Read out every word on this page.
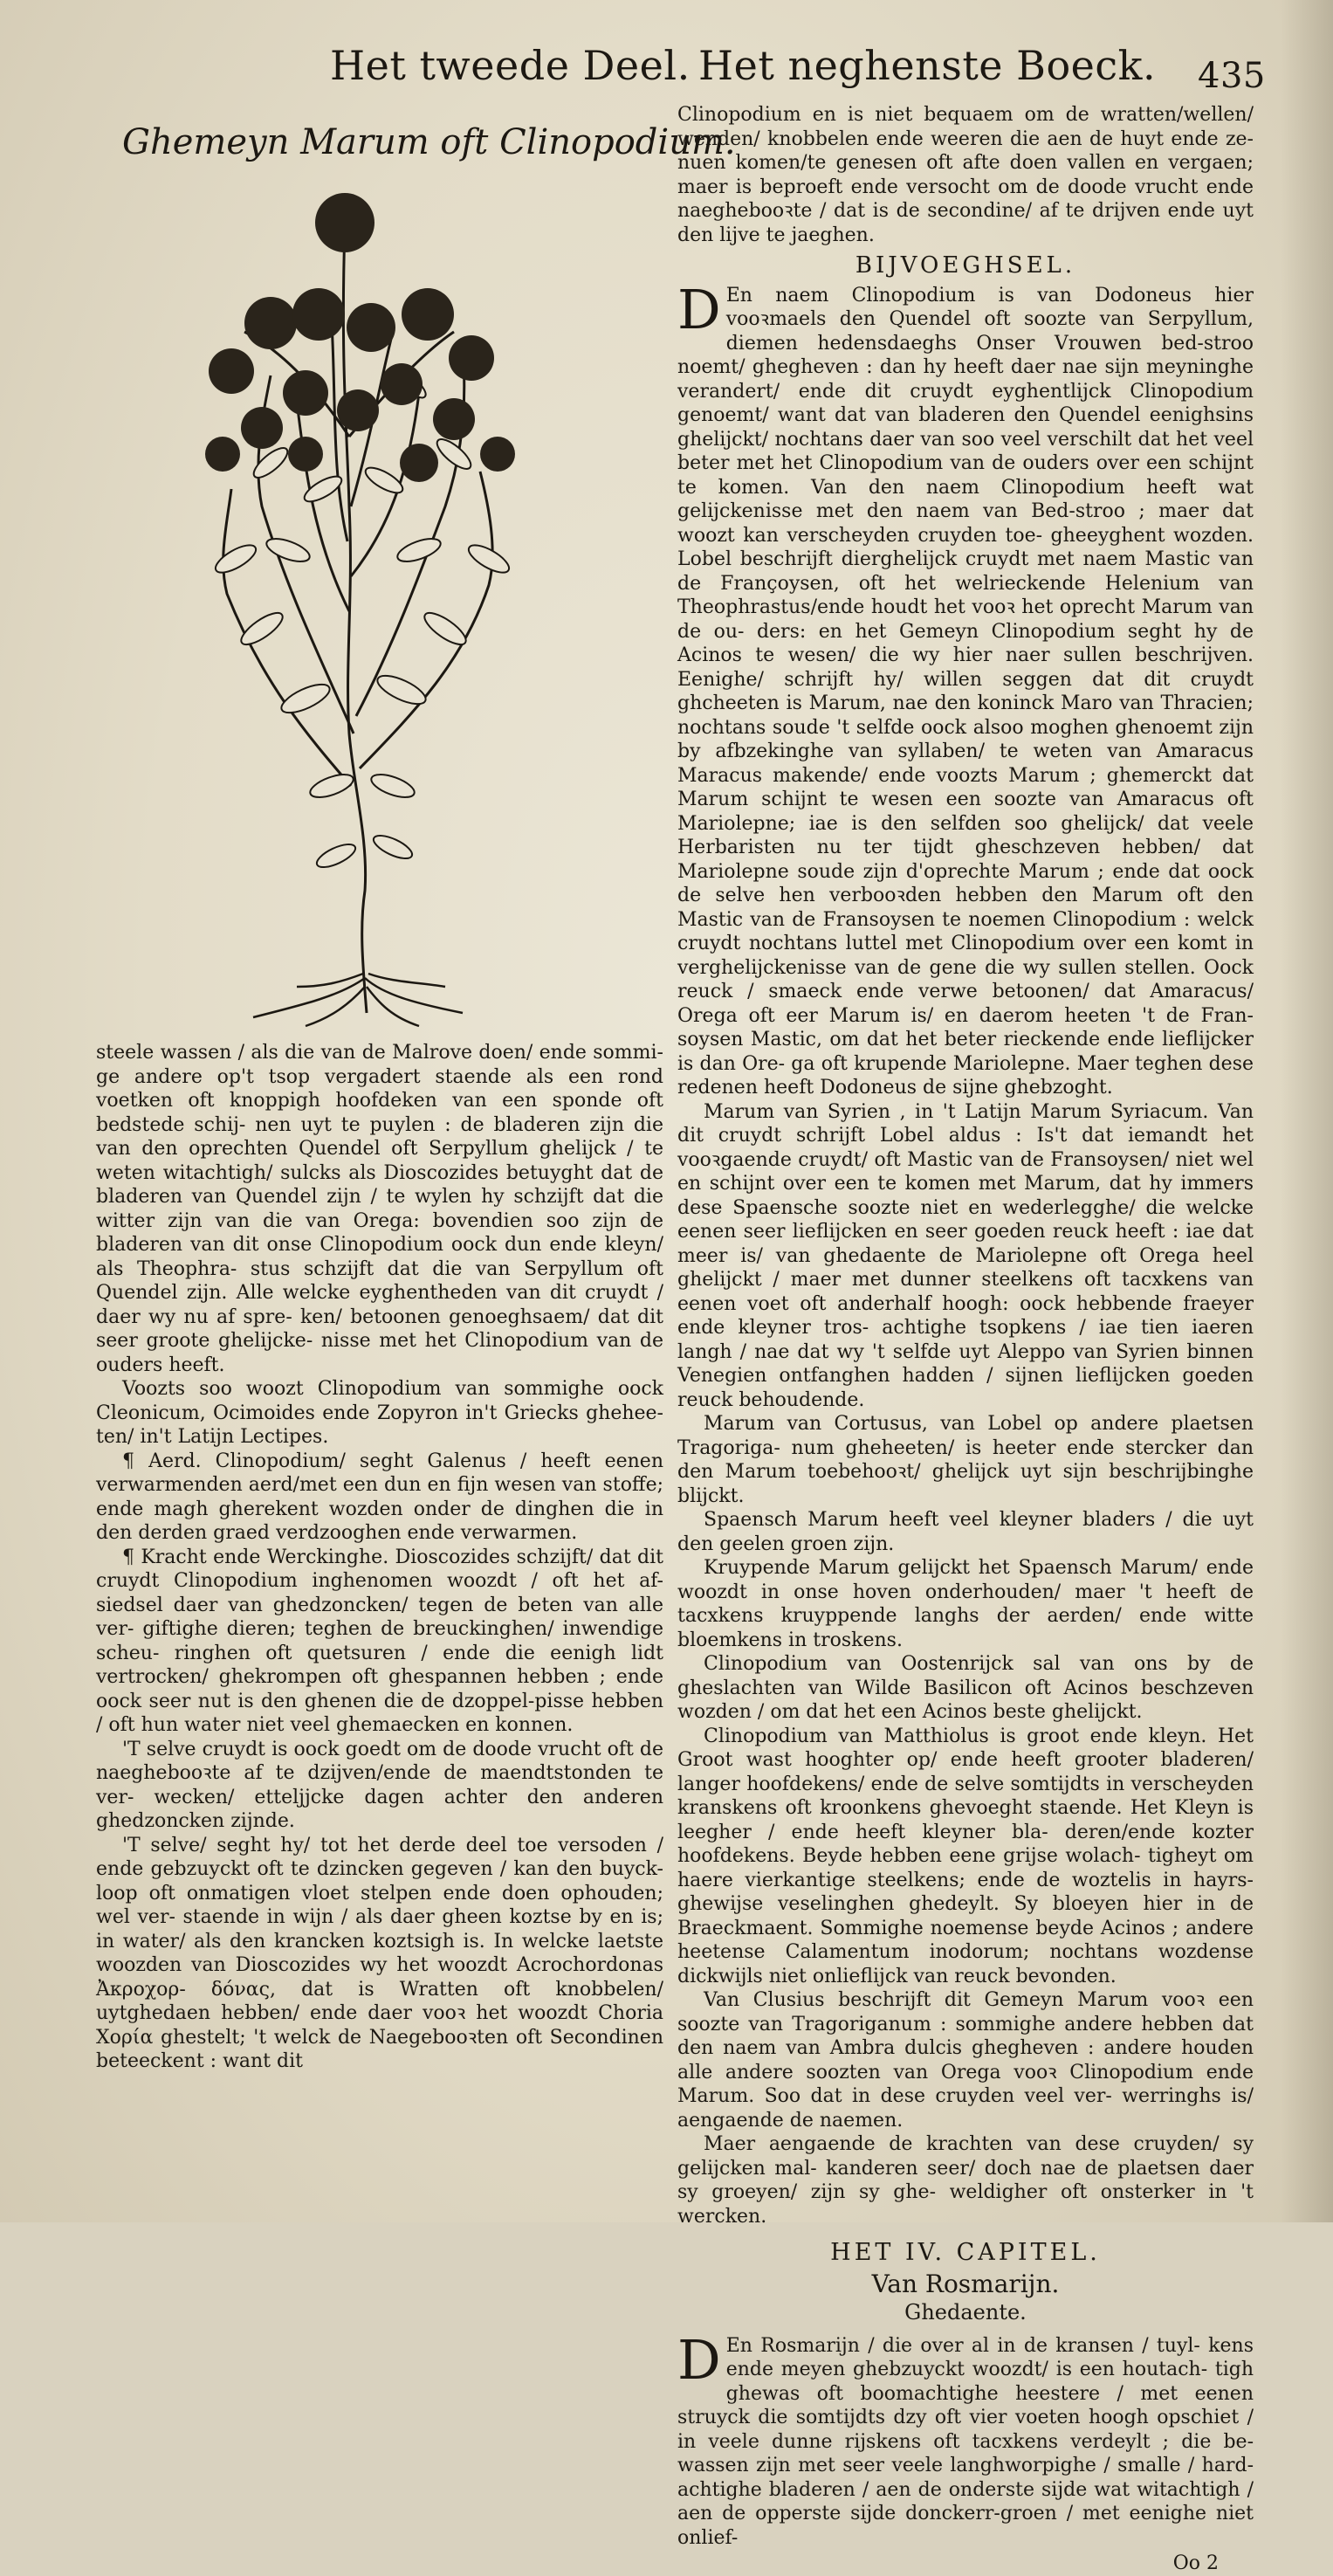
Het tweede Deel. Het neghenste Boeck. 435
Ghemeyn Marum oft Clinopodium.

Clinopodium en is niet bequaem om de wratten/wellen/ wenden/ knobbelen ende weeren die aen de huyt ende ze- nuen komen/te genesen oft afte doen vallen en vergaen; maer is beproeft ende versocht om de doode vrucht ende naeghebooꝛte / dat is de secondine/ af te drijven ende uyt den lijve te jaeghen.

BIJVOEGHSEL.

D En naem Clinopodium is van Dodoneus hier vooꝛmaels den Quendel oft soozte van Serpyllum, diemen hedensdaeghs Onser Vrouwen bed-stroo noemt/ ghegheven : dan hy heeft daer nae sijn meyninghe verandert/ ende dit cruydt eyghentlijck Clinopodium genoemt/ want dat van bladeren den Quendel eenighsins ghelijckt/ nochtans daer van soo veel verschilt dat het veel beter met het Clinopodium van de ouders over een schijnt te komen. Van den naem Clinopodium heeft wat gelijckenisse met den naem van Bed-stroo ; maer dat woozt kan verscheyden cruyden toe- gheeyghent wozden. Lobel beschrijft dierghelijck cruydt met naem Mastic van de Françoysen, oft het welrieckende Helenium van Theophrastus/ende houdt het vooꝛ het oprecht Marum van de ou- ders: en het Gemeyn Clinopodium seght hy de Acinos te wesen/ die wy hier naer sullen beschrijven. Eenighe/ schrijft hy/ willen seggen dat dit cruydt ghcheeten is Marum, nae den koninck Maro van Thracien; nochtans soude 't selfde oock alsoo moghen ghenoemt zijn by afbzekinghe van syllaben/ te weten van Amaracus Maracus makende/ ende voozts Marum ; ghemerckt dat Marum schijnt te wesen een soozte van Amaracus oft Mariolepne; iae is den selfden soo ghelijck/ dat veele Herbaristen nu ter tijdt gheschzeven hebben/ dat Mariolepne soude zijn d'oprechte Marum ; ende dat oock de selve hen verbooꝛden hebben den Marum oft den Mastic van de Fransoysen te noemen Clinopodium : welck cruydt nochtans luttel met Clinopodium over een komt in verghelijckenisse van de gene die wy sullen stellen. Oock reuck / smaeck ende verwe betoonen/ dat Amaracus/ Orega oft eer Marum is/ en daerom heeten 't de Fran- soysen Mastic, om dat het beter rieckende ende lieflijcker is dan Ore- ga oft krupende Mariolepne. Maer teghen dese redenen heeft Dodoneus de sijne ghebzoght.

Marum van Syrien , in 't Latijn Marum Syriacum. Van dit cruydt schrijft Lobel aldus : Is't dat iemandt het vooꝛgaende cruydt/ oft Mastic van de Fransoysen/ niet wel en schijnt over een te komen met Marum, dat hy immers dese Spaensche soozte niet en wederlegghe/ die welcke eenen seer lieflijcken en seer goeden reuck heeft : iae dat meer is/ van ghedaente de Mariolepne oft Orega heel ghelijckt / maer met dunner steelkens oft tacxkens van eenen voet oft anderhalf hoogh: oock hebbende fraeyer ende kleyner tros- achtighe tsopkens / iae tien iaeren langh / nae dat wy 't selfde uyt Aleppo van Syrien binnen Venegien ontfanghen hadden / sijnen lieflijcken goeden reuck behoudende.

Marum van Cortusus, van Lobel op andere plaetsen Tragoriga- num gheheeten/ is heeter ende stercker dan den Marum toebehooꝛt/ ghelijck uyt sijn beschrijbinghe blijckt.

Spaensch Marum heeft veel kleyner bladers / die uyt den geelen groen zijn.

Kruypende Marum gelijckt het Spaensch Marum/ ende woozdt in onse hoven onderhouden/ maer 't heeft de tacxkens kruyppende langhs der aerden/ ende witte bloemkens in troskens.

Clinopodium van Oostenrijck sal van ons by de gheslachten van Wilde Basilicon oft Acinos beschzeven wozden / om dat het een Acinos beste ghelijckt.

Clinopodium van Matthiolus is groot ende kleyn. Het Groot wast hooghter op/ ende heeft grooter bladeren/ langer hoofdekens/ ende de selve somtijdts in verscheyden kranskens oft kroonkens ghevoeght staende. Het Kleyn is leegher / ende heeft kleyner bla- deren/ende kozter hoofdekens. Beyde hebben eene grijse wolach- tigheyt om haere vierkantige steelkens; ende de woztelis in hayrs- ghewijse veselinghen ghedeylt. Sy bloeyen hier in de Braeckmaent. Sommighe noemense beyde Acinos ; andere heetense Calamentum inodorum; nochtans wozdense dickwijls niet onlieflijck van reuck bevonden.

Van Clusius beschrijft dit Gemeyn Marum vooꝛ een soozte van Tragoriganum : sommighe andere hebben dat den naem van Ambra dulcis ghegheven : andere houden alle andere soozten van Orega vooꝛ Clinopodium ende Marum. Soo dat in dese cruyden veel ver- werringhs is/ aengaende de naemen.

Maer aengaende de krachten van dese cruyden/ sy gelijcken mal- kanderen seer/ doch nae de plaetsen daer sy groeyen/ zijn sy ghe- weldigher oft onsterker in 't wercken.

HET IV. CAPITEL.
Van Rosmarijn.
Ghedaente.

D En Rosmarijn / die over al in de kransen / tuyl- kens ende meyen ghebzuyckt woozdt/ is een houtach- tigh ghewas oft boomachtighe heestere / met eenen struyck die somtijdts dzy oft vier voeten hoogh opschiet / in veele dunne rijskens oft tacxkens verdeylt ; die be- wassen zijn met seer veele langhworpighe / smalle / hard- achtighe bladeren / aen de onderste sijde wat witachtigh / aen de opperste sijde donckerr-groen / met eenighe niet onlief-

Oo 2

steele wassen / als die van de Malrove doen/ ende sommi- ge andere op't tsop vergadert staende als een rond voetken oft knoppigh hoofdeken van een sponde oft bedstede schij- nen uyt te puylen : de bladeren zijn die van den oprechten Quendel oft Serpyllum ghelijck / te weten witachtigh/ sulcks als Dioscozides betuyght dat de bladeren van Quendel zijn / te wylen hy schzijft dat die witter zijn van die van Orega: bovendien soo zijn de bladeren van dit onse Clinopodium oock dun ende kleyn/ als Theophra- stus schzijft dat die van Serpyllum oft Quendel zijn. Alle welcke eyghentheden van dit cruydt / daer wy nu af spre- ken/ betoonen genoeghsaem/ dat dit seer groote ghelijcke- nisse met het Clinopodium van de ouders heeft.

Voozts soo woozt Clinopodium van sommighe oock Cleonicum, Ocimoides ende Zopyron in't Griecks ghehee- ten/ in't Latijn Lectipes.

¶ Aerd. Clinopodium/ seght Galenus / heeft eenen verwarmenden aerd/met een dun en fijn wesen van stoffe; ende magh gherekent wozden onder de dinghen die in den derden graed verdzooghen ende verwarmen.

¶ Kracht ende Werckinghe. Dioscozides schzijft/ dat dit cruydt Clinopodium inghenomen woozdt / oft het af- siedsel daer van ghedzoncken/ tegen de beten van alle ver- giftighe dieren; teghen de breuckinghen/ inwendige scheu- ringhen oft quetsuren / ende die eenigh lidt vertrocken/ ghekrompen oft ghespannen hebben ; ende oock seer nut is den ghenen die de dzoppel-pisse hebben / oft hun water niet veel ghemaecken en konnen.

'T selve cruydt is oock goedt om de doode vrucht oft de naeghebooꝛte af te dzijven/ende de maendtstonden te ver- wecken/ etteljjcke dagen achter den anderen ghedzoncken zijnde.

'T selve/ seght hy/ tot het derde deel toe versoden / ende gebzuyckt oft te dzincken gegeven / kan den buyck-loop oft onmatigen vloet stelpen ende doen ophouden; wel ver- staende in wijn / als daer gheen koztse by en is; in water/ als den krancken koztsigh is. In welcke laetste woozden van Dioscozides wy het woozdt Acrochordonas Ἀκροχορ- δόνας, dat is Wratten oft knobbelen/ uytghedaen hebben/ ende daer vooꝛ het woozdt Choria Χορία ghestelt; 't welck de Naegebooꝛten oft Secondinen beteeckent : want dit
